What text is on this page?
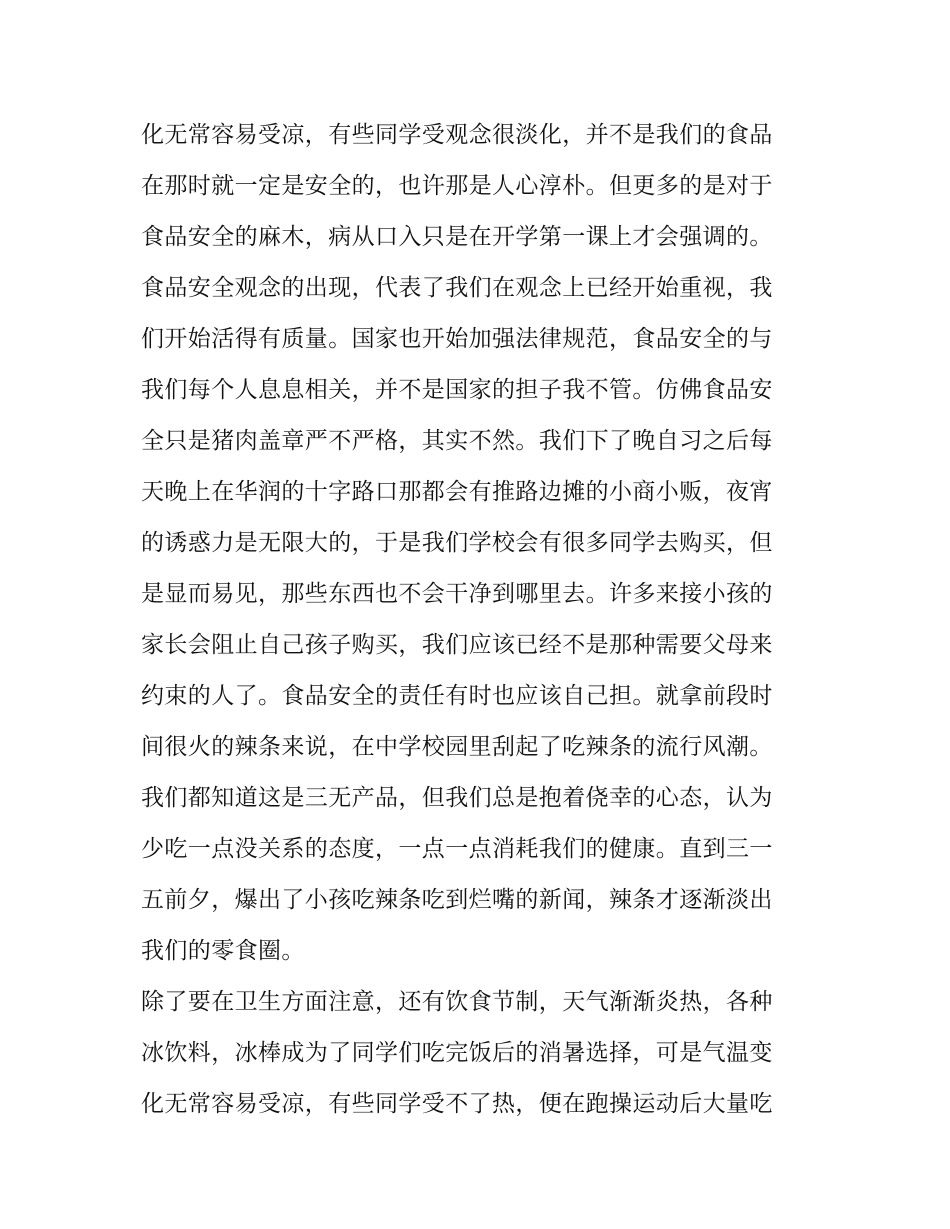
化无常容易受凉，有些同学受观念很淡化，并不是我们的食品
在那时就一定是安全的，也许那是人心淳朴。但更多的是对于
食品安全的麻木，病从口入只是在开学第一课上才会强调的。
食品安全观念的出现，代表了我们在观念上已经开始重视，我
们开始活得有质量。国家也开始加强法律规范，食品安全的与
我们每个人息息相关，并不是国家的担子我不管。仿佛食品安
全只是猪肉盖章严不严格，其实不然。我们下了晚自习之后每
天晚上在华润的十字路口那都会有推路边摊的小商小贩，夜宵
的诱惑力是无限大的，于是我们学校会有很多同学去购买，但
是显而易见，那些东西也不会干净到哪里去。许多来接小孩的
家长会阻止自己孩子购买，我们应该已经不是那种需要父母来
约束的人了。食品安全的责任有时也应该自己担。就拿前段时
间很火的辣条来说，在中学校园里刮起了吃辣条的流行风潮。
我们都知道这是三无产品，但我们总是抱着侥幸的心态，认为
少吃一点没关系的态度，一点一点消耗我们的健康。直到三一
五前夕，爆出了小孩吃辣条吃到烂嘴的新闻，辣条才逐渐淡出
我们的零食圈。
除了要在卫生方面注意，还有饮食节制，天气渐渐炎热，各种
冰饮料，冰棒成为了同学们吃完饭后的消暑选择，可是气温变
化无常容易受凉，有些同学受不了热，便在跑操运动后大量吃
